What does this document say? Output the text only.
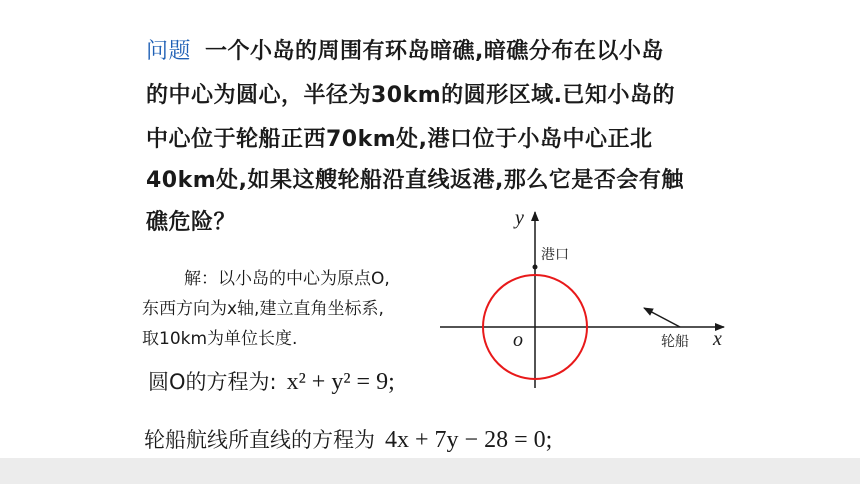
问题 一个小岛的周围有环岛暗礁,暗礁分布在以小岛
的中心为圆心，半径为30km的圆形区域.已知小岛的
中心位于轮船正西70km处,港口位于小岛中心正北
40km处,如果这艘轮船沿直线返港,那么它是否会有触
礁危险？
解：以小岛的中心为原点O,
东西方向为x轴,建立直角坐标系,
取10km为单位长度.
圆O的方程为: x² + y² = 9;
轮船航线所直线的方程为 4x + 7y − 28 = 0;
y
x
o
港口
轮船
